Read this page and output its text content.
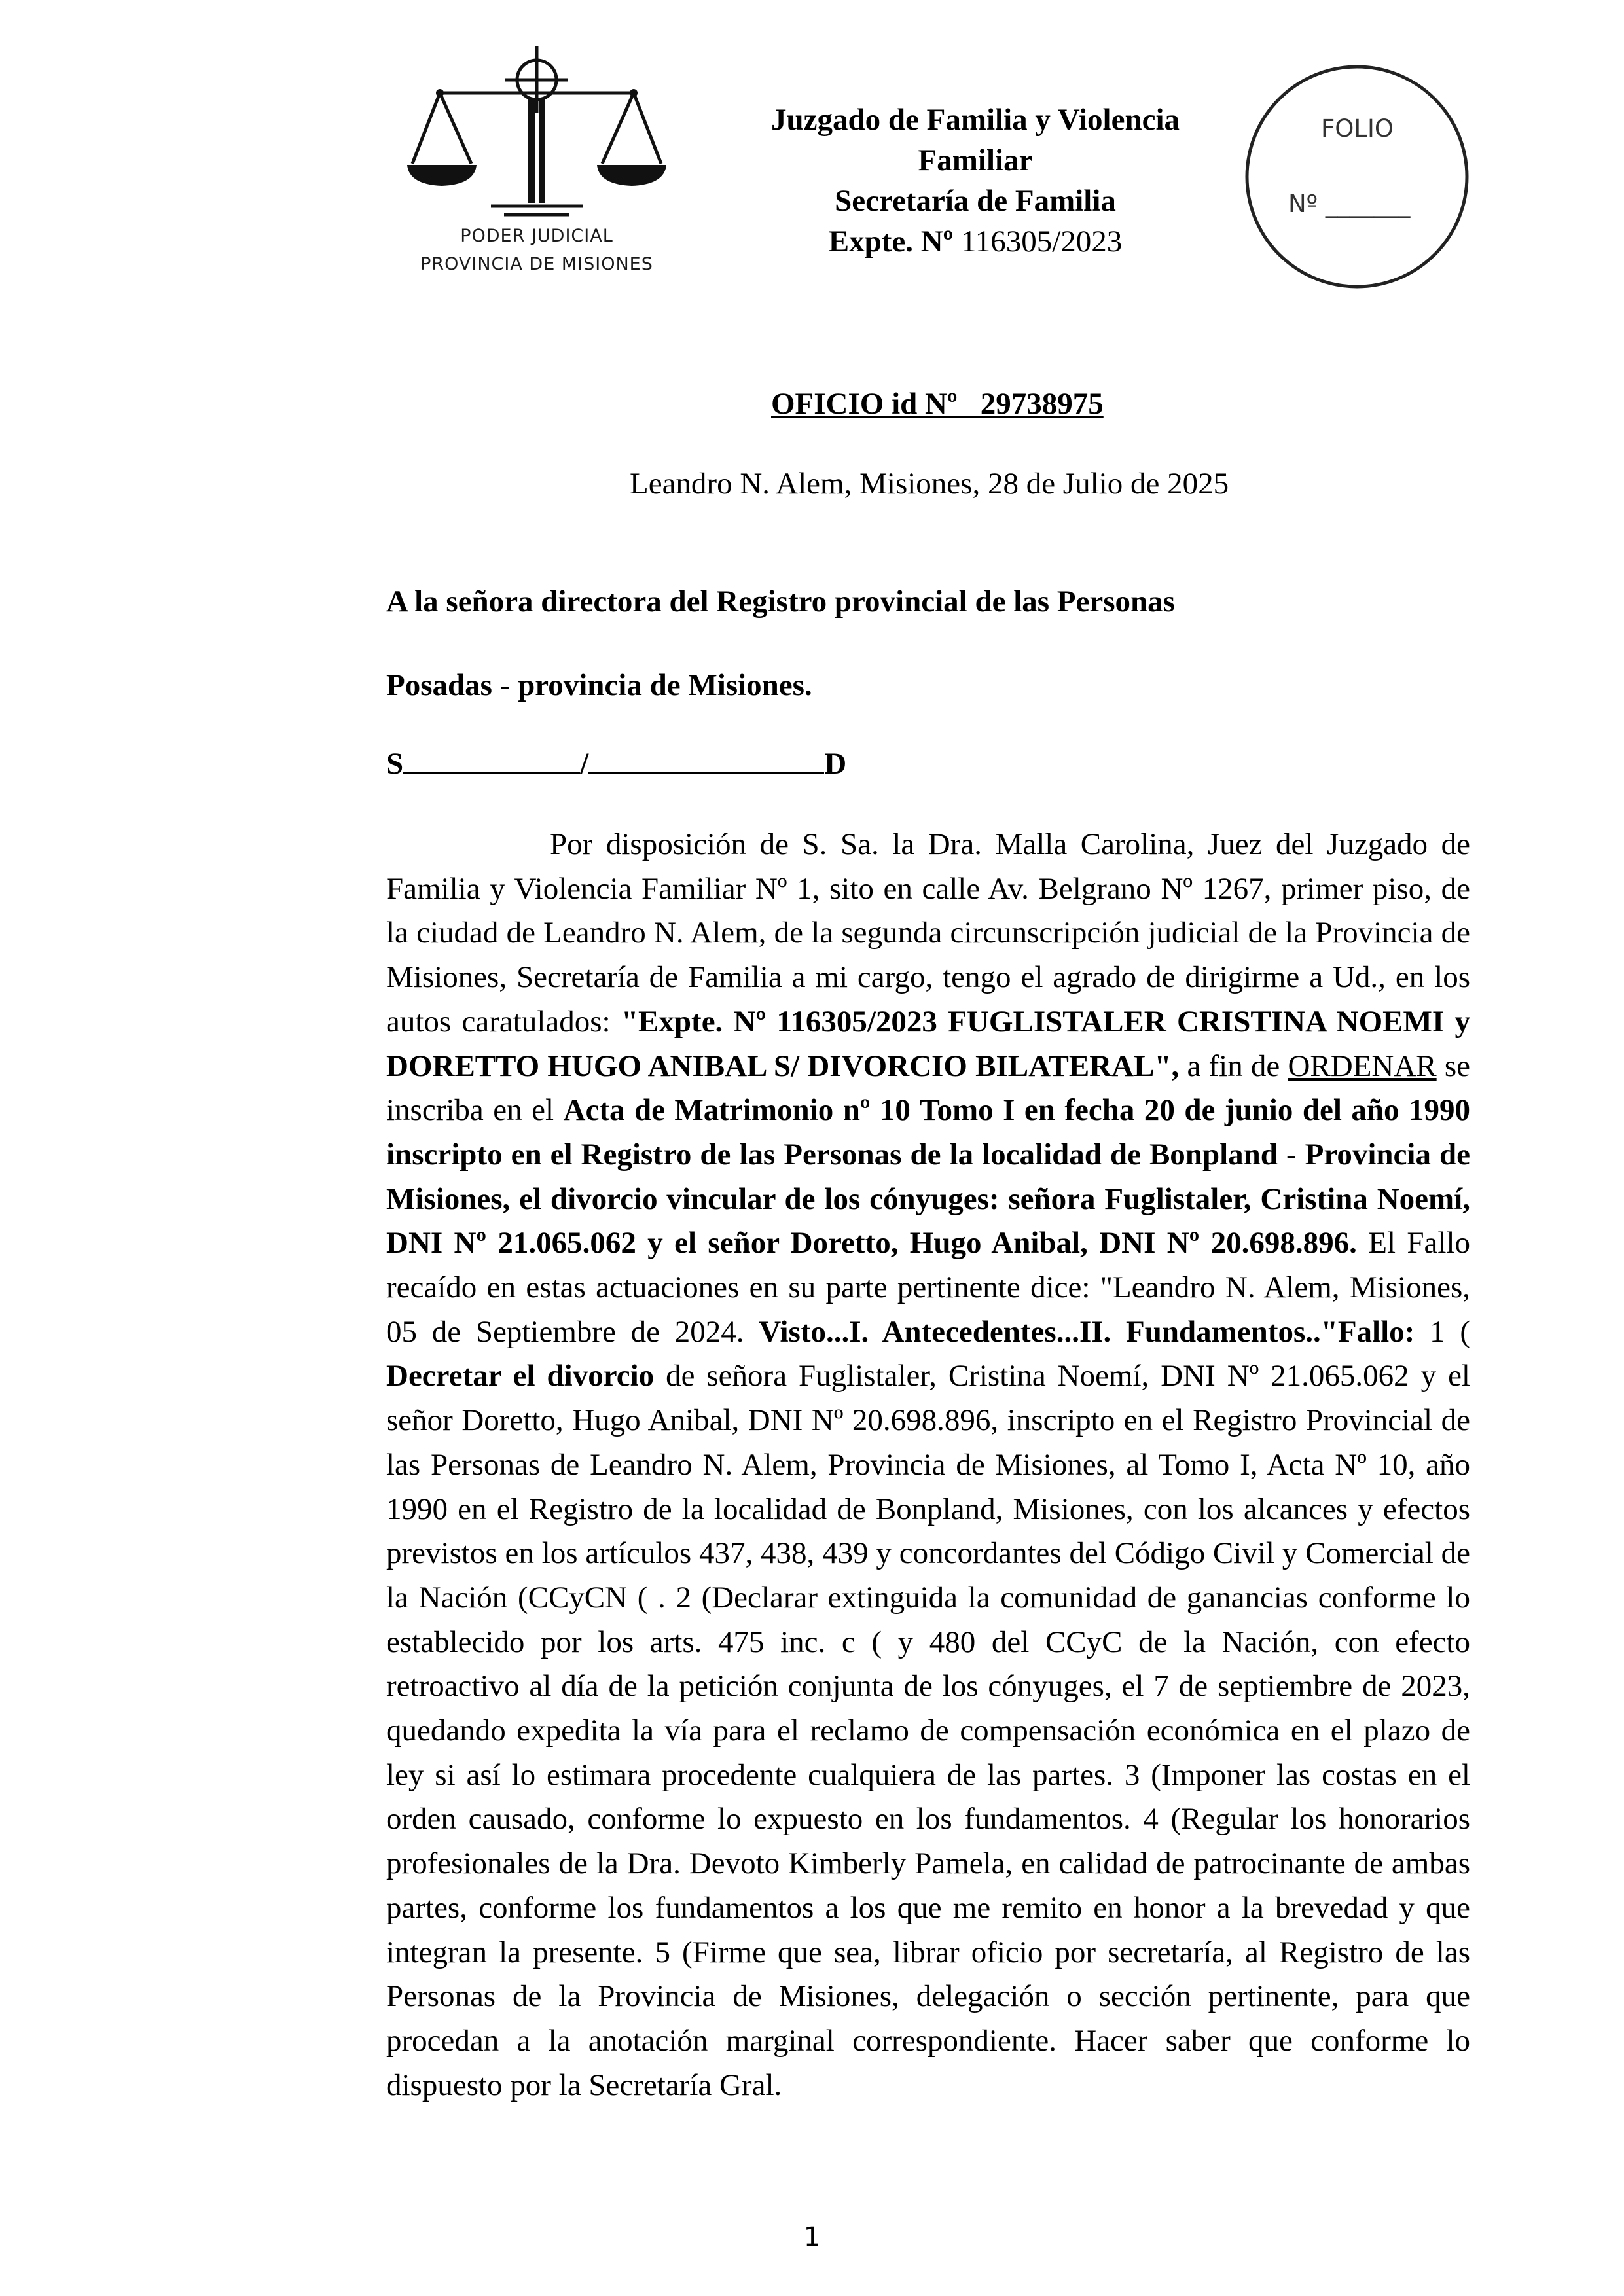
PODER JUDICIAL
PROVINCIA DE MISIONES
Juzgado de Familia y Violencia
Familiar
Secretaría de Familia
Expte. Nº 116305/2023
FOLIO
Nº _______
OFICIO id Nº   29738975
Leandro N. Alem, Misiones, 28 de Julio de 2025
A la señora directora del Registro provincial de las Personas
Posadas - provincia de Misiones.
S	/	D

Por disposición de S. Sa. la Dra. Malla Carolina, Juez del Juzgado de Familia y Violencia Familiar Nº 1, sito en calle Av. Belgrano Nº 1267, primer piso, de la ciudad de Leandro N. Alem, de la segunda circunscripción judicial de la Provincia de Misiones, Secretaría de Familia a mi cargo, tengo el agrado de dirigirme a Ud., en los autos caratulados: "Expte. Nº 116305/2023 FUGLISTALER CRISTINA NOEMI y DORETTO HUGO ANIBAL S/ DIVORCIO BILATERAL", a fin de ORDENAR se inscriba en el Acta de Matrimonio nº 10 Tomo I en fecha 20 de junio del año 1990 inscripto en el Registro de las Personas de la localidad de Bonpland - Provincia de Misiones, el divorcio vincular de los cónyuges: señora Fuglistaler, Cristina Noemí, DNI Nº 21.065.062 y el señor Doretto, Hugo Anibal, DNI Nº 20.698.896. El Fallo recaído en estas actuaciones en su parte pertinente dice: "Leandro N. Alem, Misiones, 05 de Septiembre de 2024. Visto...I. Antecedentes...II. Fundamentos.."Fallo: 1 ( Decretar el divorcio de señora Fuglistaler, Cristina Noemí, DNI Nº 21.065.062 y el señor Doretto, Hugo Anibal, DNI Nº 20.698.896, inscripto en el Registro Provincial de las Personas de Leandro N. Alem, Provincia de Misiones, al Tomo I, Acta Nº 10, año 1990 en el Registro de la localidad de Bonpland, Misiones, con los alcances y efectos previstos en los artículos 437, 438, 439 y concordantes del Código Civil y Comercial de la Nación (CCyCN ( . 2 (Declarar extinguida la comunidad de ganancias conforme lo establecido por los arts. 475 inc. c ( y 480 del CCyC de la Nación, con efecto retroactivo al día de la petición conjunta de los cónyuges, el 7 de septiembre de 2023, quedando expedita la vía para el reclamo de compensación económica en el plazo de ley si así lo estimara procedente cualquiera de las partes. 3 (Imponer las costas en el orden causado, conforme lo expuesto en los fundamentos. 4 (Regular los honorarios profesionales de la Dra. Devoto Kimberly Pamela, en calidad de patrocinante de ambas partes, conforme los fundamentos a los que me remito en honor a la brevedad y que integran la presente. 5 (Firme que sea, librar oficio por secretaría, al Registro de las Personas de la Provincia de Misiones, delegación o sección pertinente, para que procedan a la anotación marginal correspondiente. Hacer saber que conforme lo dispuesto por la Secretaría Gral.

1
